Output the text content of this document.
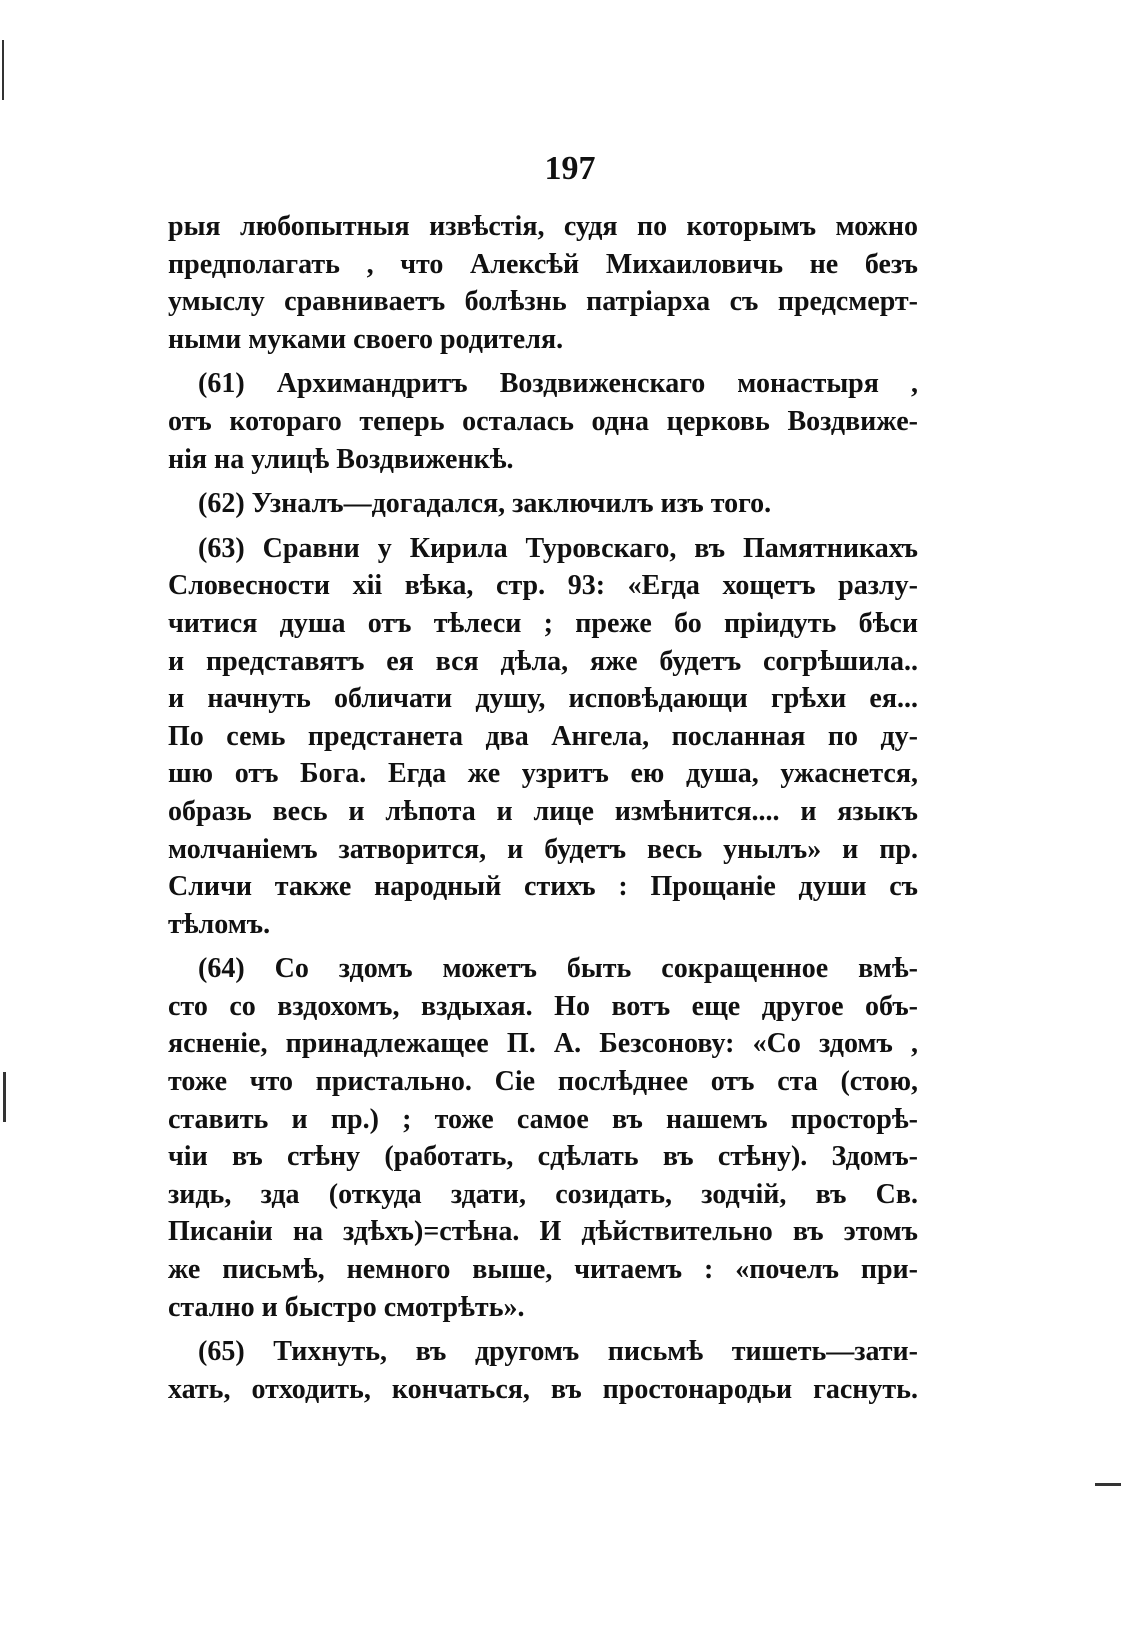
197
рыя любопытныя извѣстія, судя по которымъ можно
предполагать , что Алексѣй Михаиловичь не безъ
умыслу сравниваетъ болѣзнь патріарха съ предсмерт-
ными муками своего родителя.
(61) Архимандритъ Воздвиженскаго монастыря ,
отъ котораго теперь осталась одна церковь Воздвиже-
нія на улицѣ Воздвиженкѣ.
(62) Узналъ—догадался, заключилъ изъ того.
(63) Сравни у Кирила Туровскаго, въ Памятникахъ
Словесности xii вѣка, стр. 93: «Егда хощетъ разлу-
читися душа отъ тѣлеси ; преже бо пріидуть бѣси
и представятъ ея вся дѣла, яже будетъ согрѣшила..
и начнуть обличати душу, исповѣдающи грѣхи ея...
По семь предстанета два Ангела, посланная по ду-
шю отъ Бога. Егда же узритъ ею душа, ужаснется,
образь весь и лѣпота и лице измѣнится.... и языкъ
молчаніемъ затворится, и будетъ весь унылъ» и пр.
Сличи также народный стихъ : Прощаніе души съ
тѣломъ.
(64) Со здомъ можетъ быть сокращенное вмѣ-
сто со вздохомъ, вздыхая. Но вотъ еще другое объ-
ясненіе, принадлежащее П. А. Безсонову: «Со здомъ ,
тоже что пристально. Сіе послѣднее отъ ста (стою,
ставить и пр.) ; тоже самое въ нашемъ просторѣ-
чіи въ стѣну (работать, сдѣлать въ стѣну). Здомъ-
зидь, зда (откуда здати, созидать, зодчій, въ Св.
Писаніи на здѣхъ)=стѣна. И дѣйствительно въ этомъ
же письмѣ, немного выше, читаемъ : «почелъ при-
стално и быстро смотрѣть».
(65) Тихнуть, въ другомъ письмѣ тишеть—зати-
хать, отходить, кончаться, въ простонародьи гаснуть.
